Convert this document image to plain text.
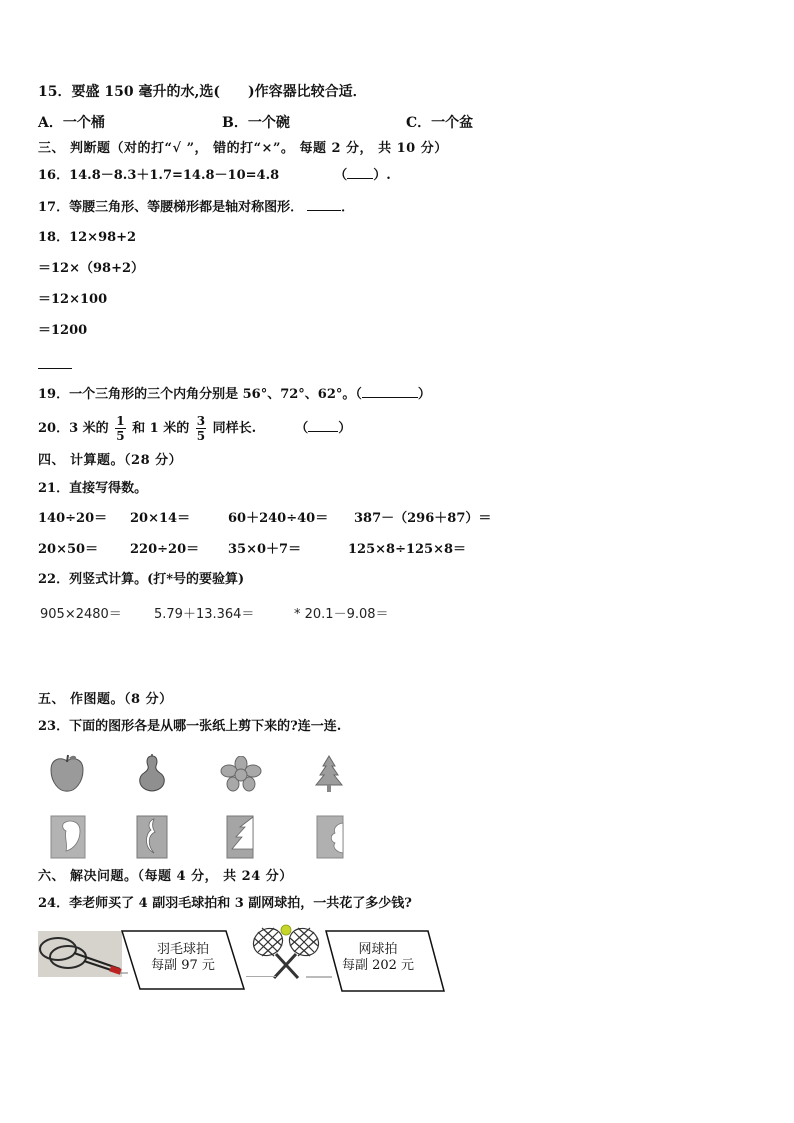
15．要盛 150 毫升的水,选(　　)作容器比较合适．
A．一个桶	B．一个碗	C．一个盆
三、 判断题（对的打“√ ”， 错的打“×”。 每题 2 分， 共 10 分）
16．14.8－8.3＋1.7=14.8－10=4.8	（ ）.
17．等腰三角形、等腰梯形都是轴对称图形．	．
18．12×98+2
＝12×（98+2）
＝12×100
＝1200
19．一个三角形的三个内角分别是 56°、72°、62°。（	）
20．3 米的 $\frac{1}{5}$ 和 1 米的 $\frac{3}{5}$ 同样长.	（ ）
四、 计算题。（28 分）
21．直接写得数。
140÷20＝ 20×14＝	60＋240÷40＝ 387－（296＋87）＝
20×50＝ 220÷20＝ 35×0＋7＝	125×8÷125×8＝
22．列竖式计算。(打*号的要验算)
905×2480＝ 5.79＋13.364＝	* 20.1－9.08＝
五、 作图题。（8 分）
23．下面的图形各是从哪一张纸上剪下来的?连一连.
六、 解决问题。（每题 4 分， 共 24 分）
24．李老师买了 4 副羽毛球拍和 3 副网球拍，一共花了多少钱?
羽毛球拍
每副 97 元
网球拍
每副 202 元
